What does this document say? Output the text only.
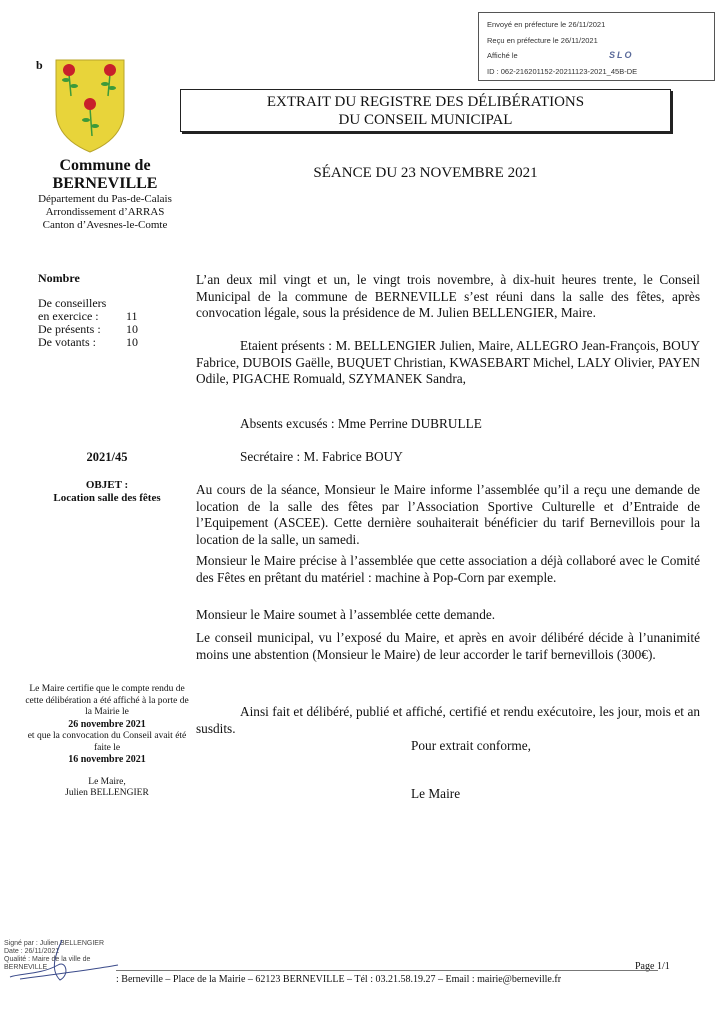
Envoyé en préfecture le 26/11/2021
Reçu en préfecture le 26/11/2021
Affiché le
ID : 062-216201152-20211123-2021_45B-DE
SLO
b
Commune de
BERNEVILLE
Département du Pas-de-Calais
Arrondissement d’ARRAS
Canton d’Avesnes-le-Comte
EXTRAIT DU REGISTRE DES DÉLIBÉRATIONS
DU CONSEIL MUNICIPAL
SÉANCE DU 23 NOVEMBRE 2021
Nombre
De conseillers
en exercice :	11
De présents :	10
De votants :	10
L’an deux mil vingt et un, le vingt trois novembre, à dix-huit heures trente, le Conseil Municipal de la commune de BERNEVILLE s’est réuni dans la salle des fêtes, après convocation légale, sous la présidence de M. Julien BELLENGIER, Maire.
Etaient présents : M. BELLENGIER Julien, Maire, ALLEGRO Jean-François, BOUY Fabrice, DUBOIS Gaëlle, BUQUET Christian, KWASEBART Michel, LALY Olivier, PAYEN Odile, PIGACHE Romuald, SZYMANEK Sandra,
Absents excusés : Mme Perrine DUBRULLE
Secrétaire : M. Fabrice BOUY
2021/45
OBJET :
Location salle des fêtes
Au cours de la séance, Monsieur le Maire informe l’assemblée qu’il a reçu une demande de location de la salle des fêtes par l’Association Sportive Culturelle et d’Entraide de l’Equipement (ASCEE). Cette dernière souhaiterait bénéficier du tarif Bernevillois pour la location de la salle, un samedi.
Monsieur le Maire précise à l’assemblée que cette association a déjà collaboré avec le Comité des Fêtes en prêtant du matériel : machine à Pop-Corn par exemple.
Monsieur le Maire soumet à l’assemblée cette demande.
Le conseil municipal, vu l’exposé du Maire, et après en avoir délibéré décide à l’unanimité moins une abstention (Monsieur le Maire) de leur accorder le tarif bernevillois (300€).
Ainsi fait et délibéré, publié et affiché, certifié et rendu exécutoire, les jour, mois et an susdits.
Pour extrait conforme,
Le Maire
Le Maire certifie que le compte rendu de cette délibération a été affiché à la porte de la Mairie le
26 novembre 2021
et que la convocation du Conseil avait été faite le
16 novembre 2021
Le Maire,
Julien BELLENGIER
Signé par : Julien BELLENGIER
Date : 26/11/2021
Qualité : Maire de la ville de
BERNEVILLE	Page 1/1
: Berneville – Place de la Mairie – 62123 BERNEVILLE – Tél : 03.21.58.19.27 – Email : mairie@berneville.fr
